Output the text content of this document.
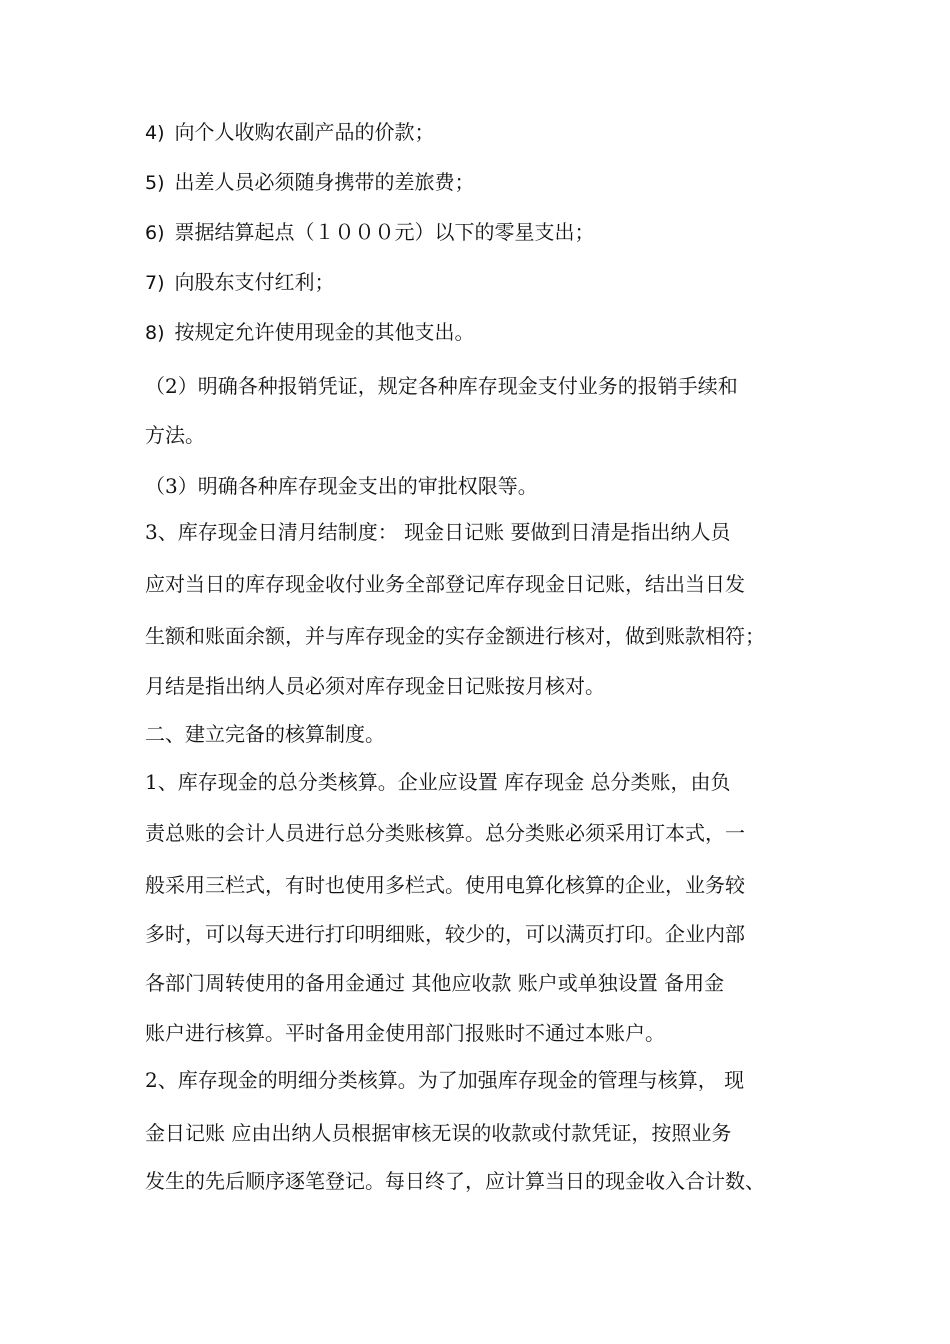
4) 向个人收购农副产品的价款；
5) 出差人员必须随身携带的差旅费；
6) 票据结算起点（１０００元）以下的零星支出；
7) 向股东支付红利；
8) 按规定允许使用现金的其他支出。
（2）明确各种报销凭证，规定各种库存现金支付业务的报销手续和
方法。
（3）明确各种库存现金支出的审批权限等。
3、库存现金日清月结制度： 现金日记账 要做到日清是指出纳人员
应对当日的库存现金收付业务全部登记库存现金日记账，结出当日发
生额和账面余额，并与库存现金的实存金额进行核对，做到账款相符；
月结是指出纳人员必须对库存现金日记账按月核对。
二、建立完备的核算制度。
1、库存现金的总分类核算。企业应设置 库存现金 总分类账，由负
责总账的会计人员进行总分类账核算。总分类账必须采用订本式，一
般采用三栏式，有时也使用多栏式。使用电算化核算的企业，业务较
多时，可以每天进行打印明细账，较少的，可以满页打印。企业内部
各部门周转使用的备用金通过 其他应收款 账户或单独设置 备用金
账户进行核算。平时备用金使用部门报账时不通过本账户。
2、库存现金的明细分类核算。为了加强库存现金的管理与核算， 现
金日记账 应由出纳人员根据审核无误的收款或付款凭证，按照业务
发生的先后顺序逐笔登记。每日终了，应计算当日的现金收入合计数、
